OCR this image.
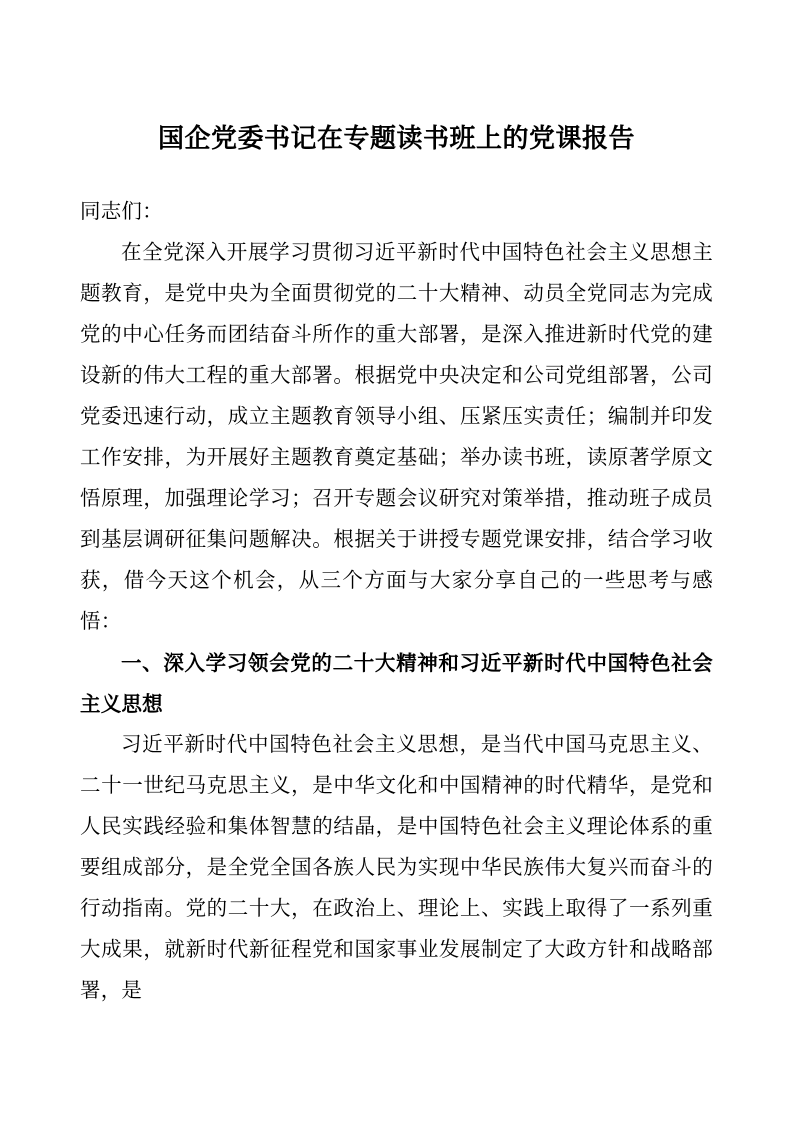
国企党委书记在专题读书班上的党课报告

同志们：

在全党深入开展学习贯彻习近平新时代中国特色社会主义思想主题教育，是党中央为全面贯彻党的二十大精神、动员全党同志为完成党的中心任务而团结奋斗所作的重大部署，是深入推进新时代党的建设新的伟大工程的重大部署。根据党中央决定和公司党组部署，公司党委迅速行动，成立主题教育领导小组、压紧压实责任；编制并印发工作安排，为开展好主题教育奠定基础；举办读书班，读原著学原文悟原理，加强理论学习；召开专题会议研究对策举措，推动班子成员到基层调研征集问题解决。根据关于讲授专题党课安排，结合学习收获，借今天这个机会，从三个方面与大家分享自己的一些思考与感悟：

一、深入学习领会党的二十大精神和习近平新时代中国特色社会主义思想

习近平新时代中国特色社会主义思想，是当代中国马克思主义、二十一世纪马克思主义，是中华文化和中国精神的时代精华，是党和人民实践经验和集体智慧的结晶，是中国特色社会主义理论体系的重要组成部分，是全党全国各族人民为实现中华民族伟大复兴而奋斗的行动指南。党的二十大，在政治上、理论上、实践上取得了一系列重大成果，就新时代新征程党和国家事业发展制定了大政方针和战略部署，是
